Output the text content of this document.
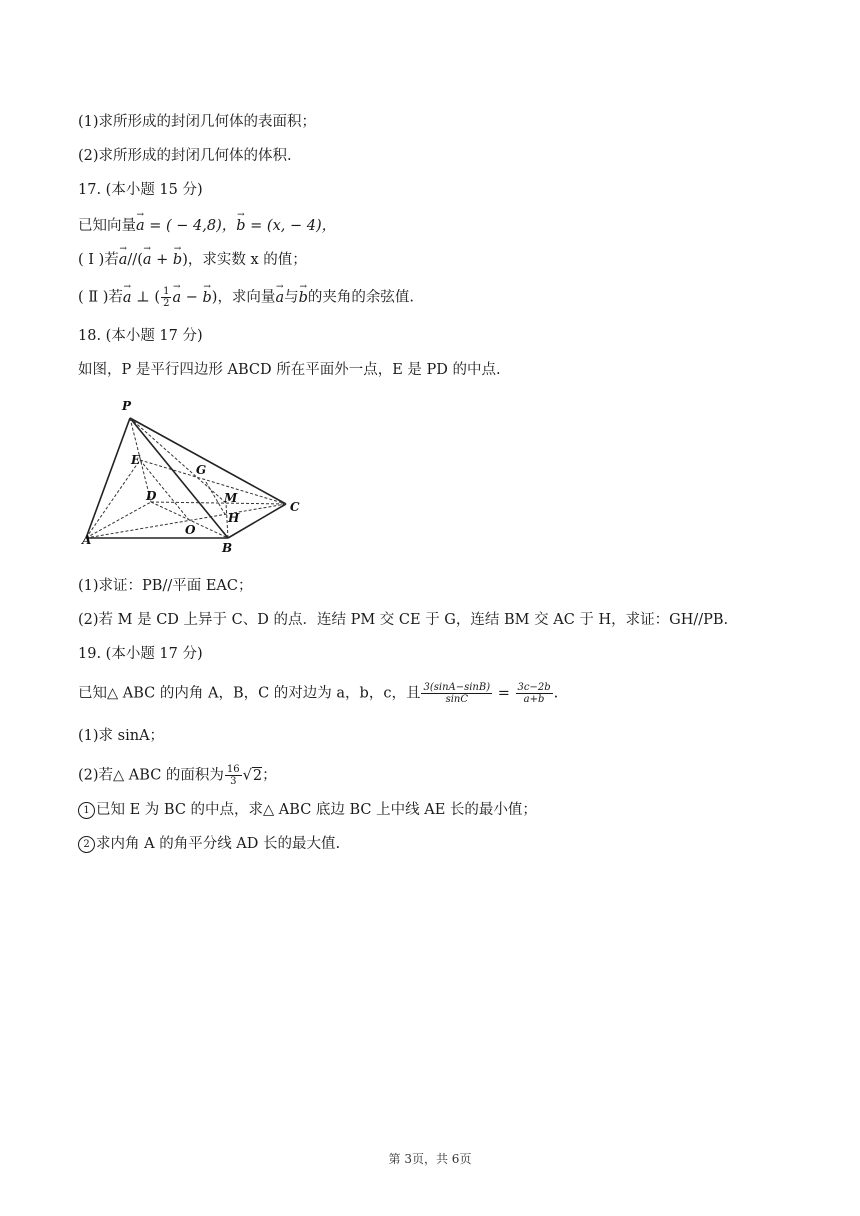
(1)求所形成的封闭几何体的表面积；
(2)求所形成的封闭几何体的体积.
17. (本小题 15 分)
已知向量→ a = ( − 4,8)，→ b = (x, − 4)，
( Ⅰ )若→ a//(→ a + → b)，求实数 x 的值；
( Ⅱ )若→ a ⊥ ( $\frac{1}{2}$
→ a − → b)，求向量→ a与→ b的夹角的余弦值.
18. (本小题 17 分)
如图，P 是平行四边形 ABCD 所在平面外一点，E 是 PD 的中点.
P
E
G
D	M
C
H
A
O
B
(1)求证：PB//平面 EAC；
(2)若 M 是 CD 上异于 C、D 的点．连结 PM 交 CE 于 G，连结 BM 交 AC 于 H，求证：GH//PB.
19. (本小题 17 分)
已知△ ABC 的内角 A，B，C 的对边为 a，b，c，且 $\frac{3(\sin A-\sin B)}{\sin C} = \frac{3c-2b}{a+b}$ .
(1)求 sinA；
(2)若△ ABC 的面积为 $\frac{16}{3} √2$；
1 已知 E 为 BC 的中点，求△ ABC 底边 BC 上中线 AE 长的最小值；
2 求内角 A 的角平分线 AD 长的最大值.
第 3页，共 6页
